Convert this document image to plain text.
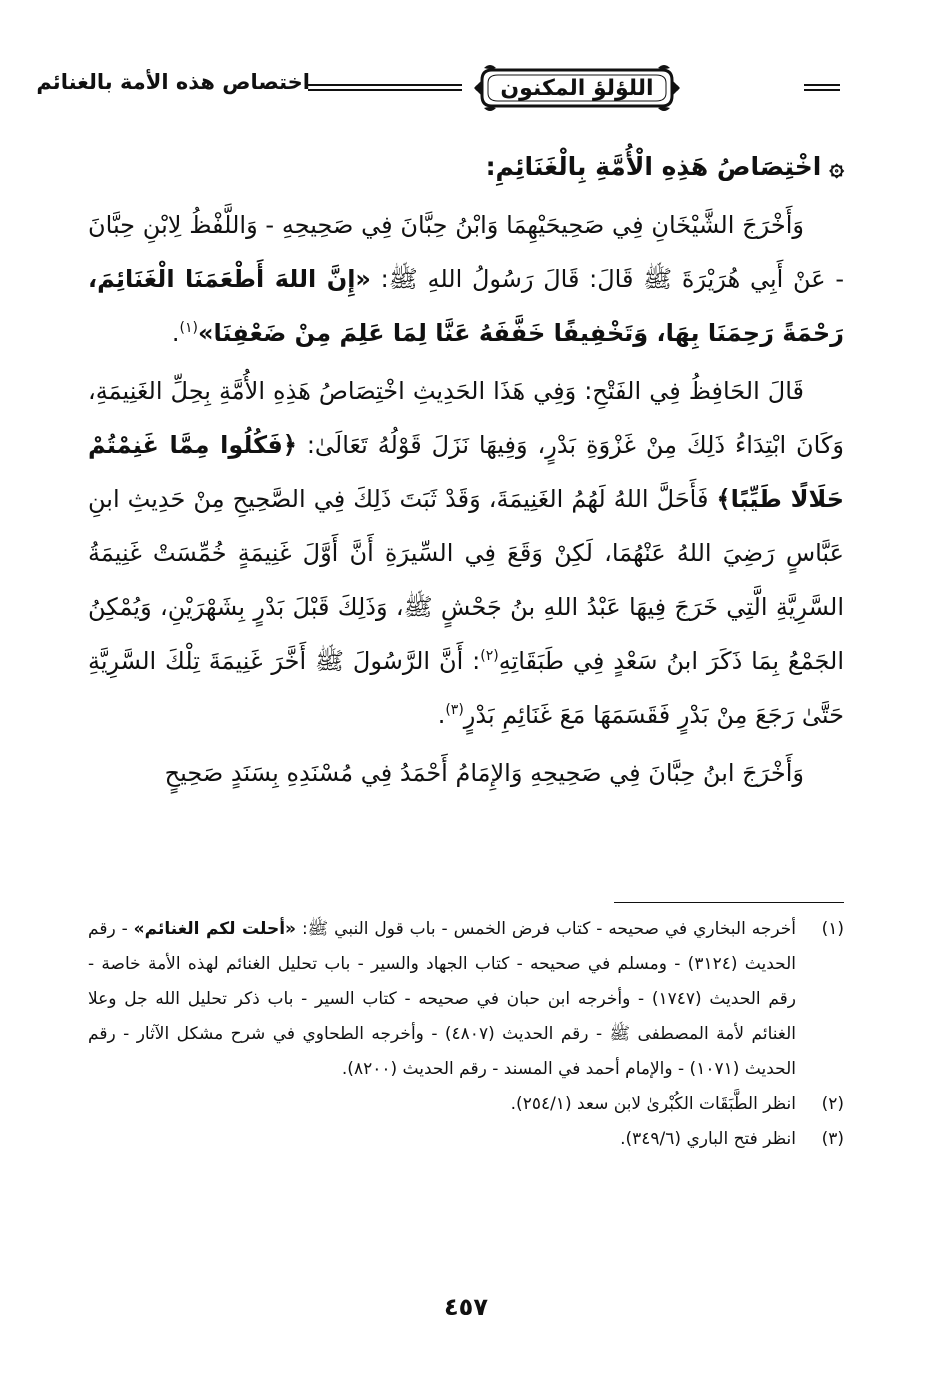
اللؤلؤ المكنون
اختصاص هذه الأمة بالغنائم

۞اخْتِصَاصُ هَذِهِ الْأُمَّةِ بِالْغَنَائِمِ:

وَأَخْرَجَ الشَّيْخَانِ فِي صَحِيحَيْهِمَا وَابْنُ حِبَّانَ فِي صَحِيحِهِ - وَاللَّفْظُ لِابْنِ حِبَّانَ - عَنْ أَبِي هُرَيْرَةَ ﷺ قَالَ: قَالَ رَسُولُ اللهِ ﷺ: «إِنَّ اللهَ أَطْعَمَنَا الْغَنَائِمَ، رَحْمَةً رَحِمَنَا بِهَا، وَتَخْفِيفًا خَفَّفَهُ عَنَّا لِمَا عَلِمَ مِنْ ضَعْفِنَا»$^{(١)}$.

قَالَ الحَافِظُ فِي الفَتْحِ: وَفِي هَذَا الحَدِيثِ اخْتِصَاصُ هَذِهِ الأُمَّةِ بِحِلِّ الغَنِيمَةِ، وَكَانَ ابْتِدَاءُ ذَلِكَ مِنْ غَزْوَةِ بَدْرٍ، وَفِيهَا نَزَلَ قَوْلُهُ تَعَالَىٰ: ﴿فَكُلُوا مِمَّا غَنِمْتُمْ حَلَالًا طَيِّبًا﴾ فَأَحَلَّ اللهُ لَهُمُ الغَنِيمَةَ، وَقَدْ ثَبَتَ ذَلِكَ فِي الصَّحِيحِ مِنْ حَدِيثِ ابنِ عَبَّاسٍ رَضِيَ اللهُ عَنْهُمَا، لَكِنْ وَقَعَ فِي السِّيرَةِ أَنَّ أَوَّلَ غَنِيمَةٍ خُمِّسَتْ غَنِيمَةُ السَّرِيَّةِ الَّتِي خَرَجَ فِيهَا عَبْدُ اللهِ بنُ جَحْشٍ ﷺ، وَذَلِكَ قَبْلَ بَدْرٍ بِشَهْرَيْنِ، وَيُمْكِنُ الجَمْعُ بِمَا ذَكَرَ ابنُ سَعْدٍ فِي طَبَقَاتِهِ$^{(٢)}$: أَنَّ الرَّسُولَ ﷺ أَخَّرَ غَنِيمَةَ تِلْكَ السَّرِيَّةِ حَتَّىٰ رَجَعَ مِنْ بَدْرٍ فَقَسَمَهَا مَعَ غَنَائِمِ بَدْرٍ$^{(٣)}$.

وَأَخْرَجَ ابنُ حِبَّانَ فِي صَحِيحِهِ وَالإِمَامُ أَحْمَدُ فِي مُسْنَدِهِ بِسَنَدٍ صَحِيحٍ

(١)
أخرجه البخاري في صحيحه - كتاب فرض الخمس - باب قول النبي ﷺ: «أحلت لكم الغنائم» - رقم الحديث (٣١٢٤) - ومسلم في صحيحه - كتاب الجهاد والسير - باب تحليل الغنائم لهذه الأمة خاصة - رقم الحديث (١٧٤٧) - وأخرجه ابن حبان في صحيحه - كتاب السير - باب ذكر تحليل الله جل وعلا الغنائم لأمة المصطفى ﷺ - رقم الحديث (٤٨٠٧) - وأخرجه الطحاوي في شرح مشكل الآثار - رقم الحديث (١٠٧١) - والإمام أحمد في المسند - رقم الحديث (٨٢٠٠).
(٢)
انظر الطَّبَقَات الكُبْرىٰ لابن سعد (٢٥٤/١).
(٣)
انظر فتح الباري (٣٤٩/٦).
٤٥٧
